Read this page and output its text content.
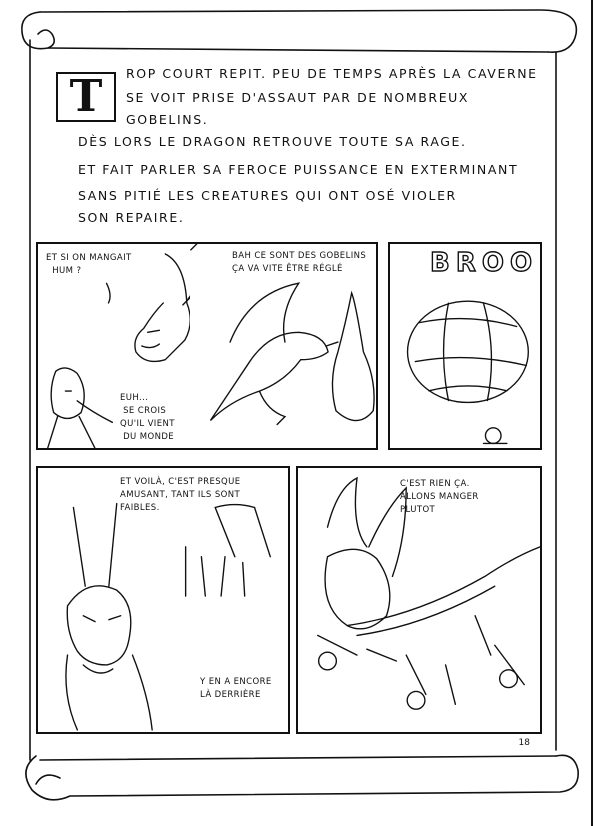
T	ROP COURT REPIT. PEU DE TEMPS APRÈS LA CAVERNE
SE VOIT PRISE D'ASSAUT PAR DE NOMBREUX
GOBELINS.
DÈS LORS LE DRAGON RETROUVE TOUTE SA RAGE.
ET FAIT PARLER SA FEROCE PUISSANCE EN EXTERMINANT
SANS PITIÉ LES CREATURES QUI ONT OSÉ VIOLER
SON REPAIRE.
ET SI ON MANGAIT
HUM ?
EUH...
SE CROIS
QU'IL VIENT
DU MONDE
BAH CE SONT DES GOBELINS
ÇA VA VITE ÊTRE RÉGLÉ	BROO
ET VOILÀ, C'EST PRESQUE
AMUSANT, TANT ILS SONT
FAIBLES.
Y EN A ENCORE
LÀ DERRIÈRE
C'EST RIEN ÇA.
ALLONS MANGER
PLUTOT
18
